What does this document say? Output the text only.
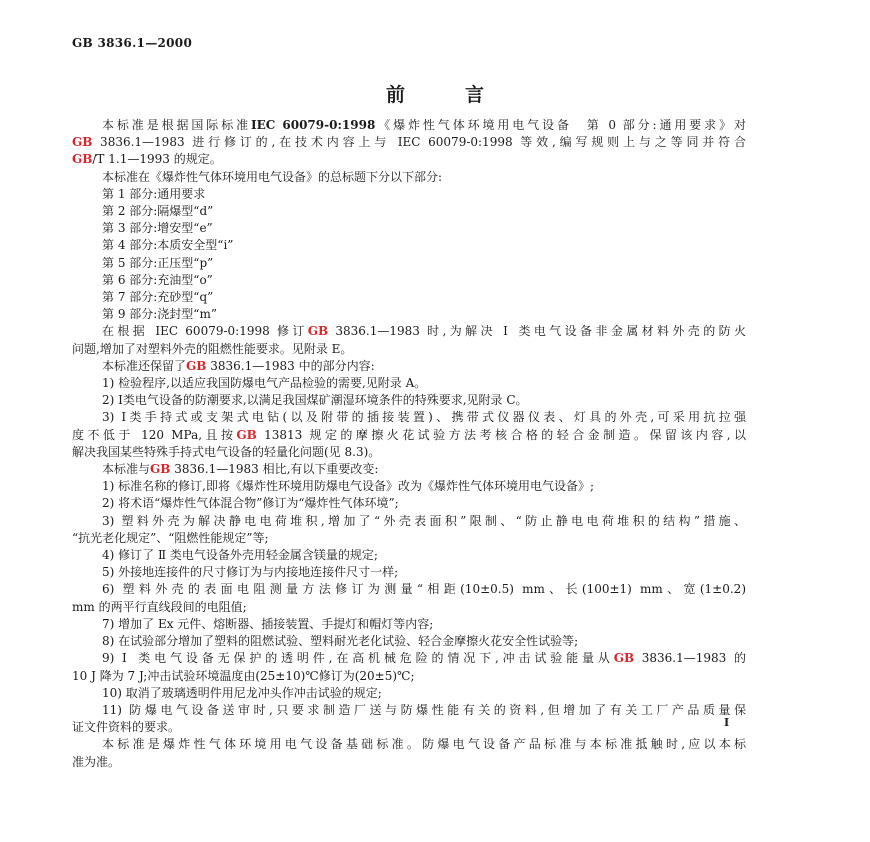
GB 3836.1—2000
前	言

本标准是根据国际标准IEC 60079-0:1998《爆炸性气体环境用电气设备　第 0 部分:通用要求》对

GB 3836.1—1983 进行修订的,在技术内容上与 IEC 60079-0:1998 等效,编写规则上与之等同并符合

GB/T 1.1—1993 的规定。

本标准在《爆炸性气体环境用电气设备》的总标题下分以下部分:

第 1 部分:通用要求

第 2 部分:隔爆型“d”

第 3 部分:增安型“e”

第 4 部分:本质安全型“i”

第 5 部分:正压型“p”

第 6 部分:充油型“o”

第 7 部分:充砂型“q”

第 9 部分:浇封型“m”

在根据 IEC 60079-0:1998 修订GB 3836.1—1983 时,为解决 Ⅰ 类电气设备非金属材料外壳的防火

问题,增加了对塑料外壳的阻燃性能要求。见附录 E。

本标准还保留了GB 3836.1—1983 中的部分内容:

1) 检验程序,以适应我国防爆电气产品检验的需要,见附录 A。

2) Ⅰ类电气设备的防潮要求,以满足我国煤矿潮湿环境条件的特殊要求,见附录 C。

3) Ⅰ类手持式或支架式电钻(以及附带的插接装置)、携带式仪器仪表、灯具的外壳,可采用抗拉强

度不低于 120 MPa,且按GB 13813 规定的摩擦火花试验方法考核合格的轻合金制造。保留该内容,以

解决我国某些特殊手持式电气设备的轻量化问题(见 8.3)。

本标准与GB 3836.1—1983 相比,有以下重要改变:

1) 标准名称的修订,即将《爆炸性环境用防爆电气设备》改为《爆炸性气体环境用电气设备》;

2) 将术语“爆炸性气体混合物”修订为“爆炸性气体环境”;

3) 塑料外壳为解决静电电荷堆积,增加了“外壳表面积”限制、“防止静电电荷堆积的结构”措施、

“抗光老化规定”、“阻燃性能规定”等;

4) 修订了 Ⅱ 类电气设备外壳用轻金属含镁量的规定;

5) 外接地连接件的尺寸修订为与内接地连接件尺寸一样;

6) 塑料外壳的表面电阻测量方法修订为测量“相距(10±0.5) mm、长(100±1) mm、宽(1±0.2)

mm 的两平行直线段间的电阻值;

7) 增加了 Ex 元件、熔断器、插接装置、手提灯和帽灯等内容;

8) 在试验部分增加了塑料的阻燃试验、塑料耐光老化试验、轻合金摩擦火花安全性试验等;

9) Ⅰ 类电气设备无保护的透明件,在高机械危险的情况下,冲击试验能量从GB 3836.1—1983 的

10 J 降为 7 J;冲击试验环境温度由(25±10)℃修订为(20±5)℃;

10) 取消了玻璃透明件用尼龙冲头作冲击试验的规定;

11) 防爆电气设备送审时,只要求制造厂送与防爆性能有关的资料,但增加了有关工厂产品质量保

证文件资料的要求。

本标准是爆炸性气体环境用电气设备基础标准。防爆电气设备产品标准与本标准抵触时,应以本标

准为准。

I
